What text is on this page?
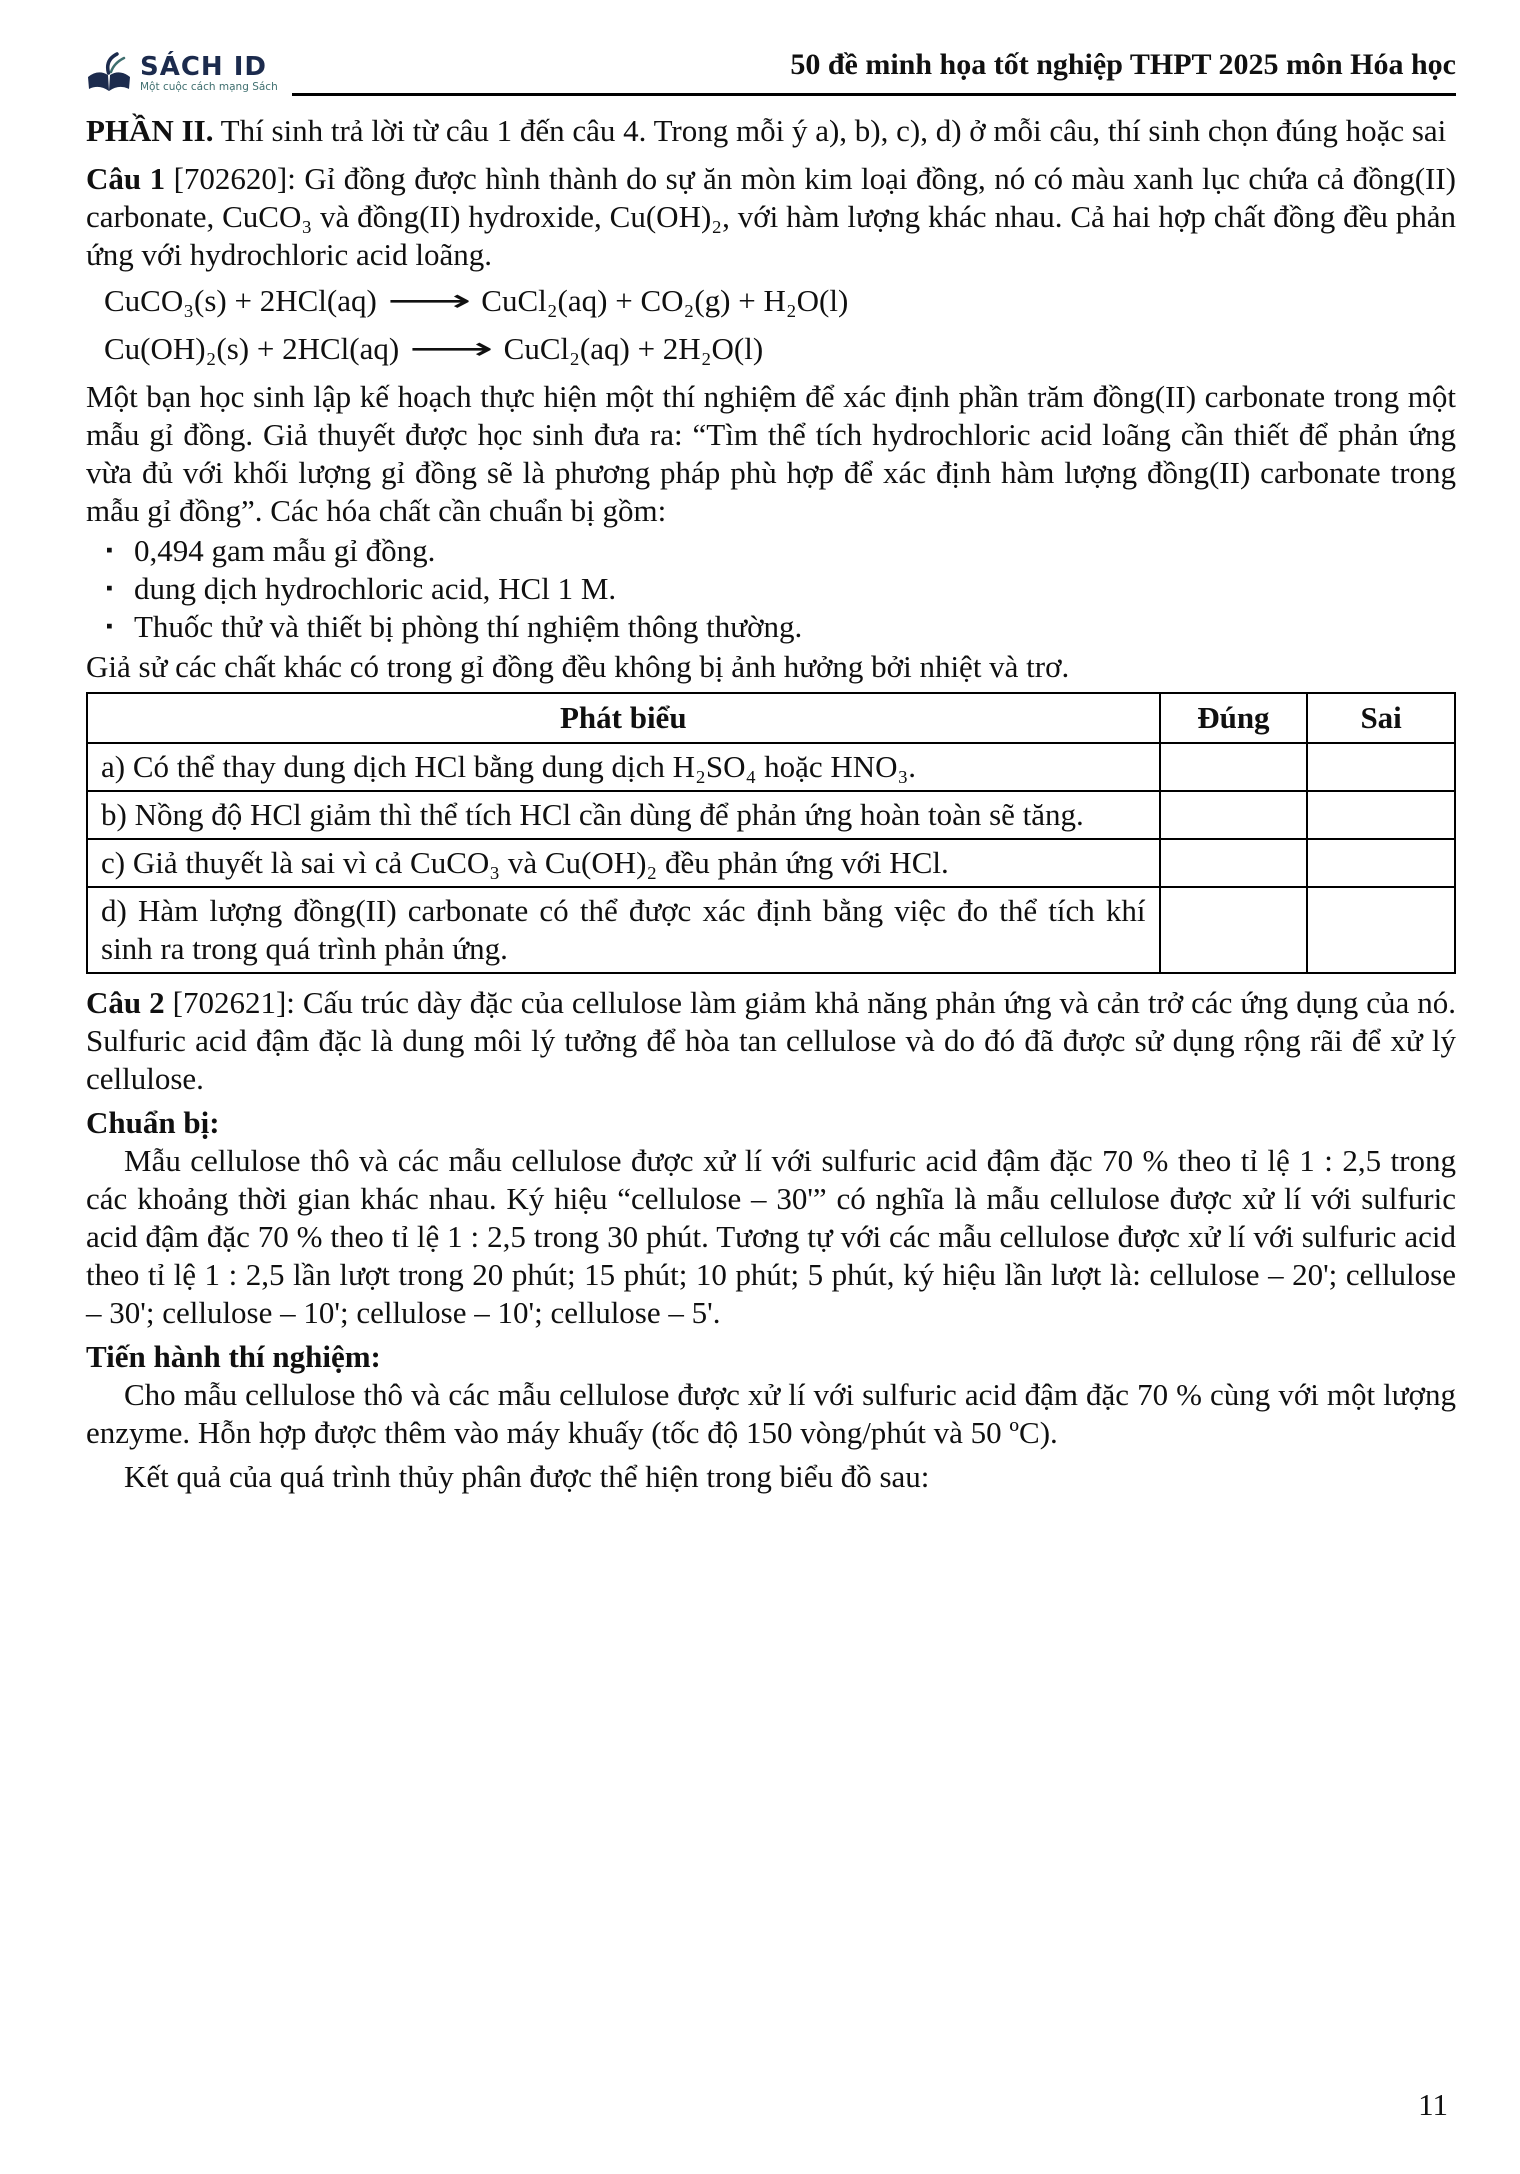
SÁCH ID
Một cuộc cách mạng Sách
50 đề minh họa tốt nghiệp THPT 2025 môn Hóa học

PHẦN II. Thí sinh trả lời từ câu 1 đến câu 4. Trong mỗi ý a), b), c), d) ở mỗi câu, thí sinh chọn đúng hoặc sai

Câu 1 [702620]: Gỉ đồng được hình thành do sự ăn mòn kim loại đồng, nó có màu xanh lục chứa cả đồng(II) carbonate, CuCO₃ và đồng(II) hydroxide, Cu(OH)₂, với hàm lượng khác nhau. Cả hai hợp chất đồng đều phản ứng với hydrochloric acid loãng.

CuCO₃(s) + 2HCl(aq) ⟶ CuCl₂(aq) + CO₂(g) + H₂O(l)
Cu(OH)₂(s) + 2HCl(aq) ⟶ CuCl₂(aq) + 2H₂O(l)

Một bạn học sinh lập kế hoạch thực hiện một thí nghiệm để xác định phần trăm đồng(II) carbonate trong một mẫu gỉ đồng. Giả thuyết được học sinh đưa ra: “Tìm thể tích hydrochloric acid loãng cần thiết để phản ứng vừa đủ với khối lượng gỉ đồng sẽ là phương pháp phù hợp để xác định hàm lượng đồng(II) carbonate trong mẫu gỉ đồng”. Các hóa chất cần chuẩn bị gồm:

▪ 0,494 gam mẫu gỉ đồng.
▪ dung dịch hydrochloric acid, HCl 1 M.
▪ Thuốc thử và thiết bị phòng thí nghiệm thông thường.

Giả sử các chất khác có trong gỉ đồng đều không bị ảnh hưởng bởi nhiệt và trơ.

Phát biểu	Đúng	Sai
a) Có thể thay dung dịch HCl bằng dung dịch H₂SO₄ hoặc HNO₃.		
b) Nồng độ HCl giảm thì thể tích HCl cần dùng để phản ứng hoàn toàn sẽ tăng.		
c) Giả thuyết là sai vì cả CuCO₃ và Cu(OH)₂ đều phản ứng với HCl.		
d) Hàm lượng đồng(II) carbonate có thể được xác định bằng việc đo thể tích khí sinh ra trong quá trình phản ứng.		

Câu 2 [702621]: Cấu trúc dày đặc của cellulose làm giảm khả năng phản ứng và cản trở các ứng dụng của nó. Sulfuric acid đậm đặc là dung môi lý tưởng để hòa tan cellulose và do đó đã được sử dụng rộng rãi để xử lý cellulose.

Chuẩn bị:

Mẫu cellulose thô và các mẫu cellulose được xử lí với sulfuric acid đậm đặc 70 % theo tỉ lệ 1 : 2,5 trong các khoảng thời gian khác nhau. Ký hiệu “cellulose – 30'” có nghĩa là mẫu cellulose được xử lí với sulfuric acid đậm đặc 70 % theo tỉ lệ 1 : 2,5 trong 30 phút. Tương tự với các mẫu cellulose được xử lí với sulfuric acid theo tỉ lệ 1 : 2,5 lần lượt trong 20 phút; 15 phút; 10 phút; 5 phút, ký hiệu lần lượt là: cellulose – 20'; cellulose – 30'; cellulose – 10'; cellulose – 10'; cellulose – 5'.

Tiến hành thí nghiệm:

Cho mẫu cellulose thô và các mẫu cellulose được xử lí với sulfuric acid đậm đặc 70 % cùng với một lượng enzyme. Hỗn hợp được thêm vào máy khuấy (tốc độ 150 vòng/phút và 50 ºC).

Kết quả của quá trình thủy phân được thể hiện trong biểu đồ sau:

11
